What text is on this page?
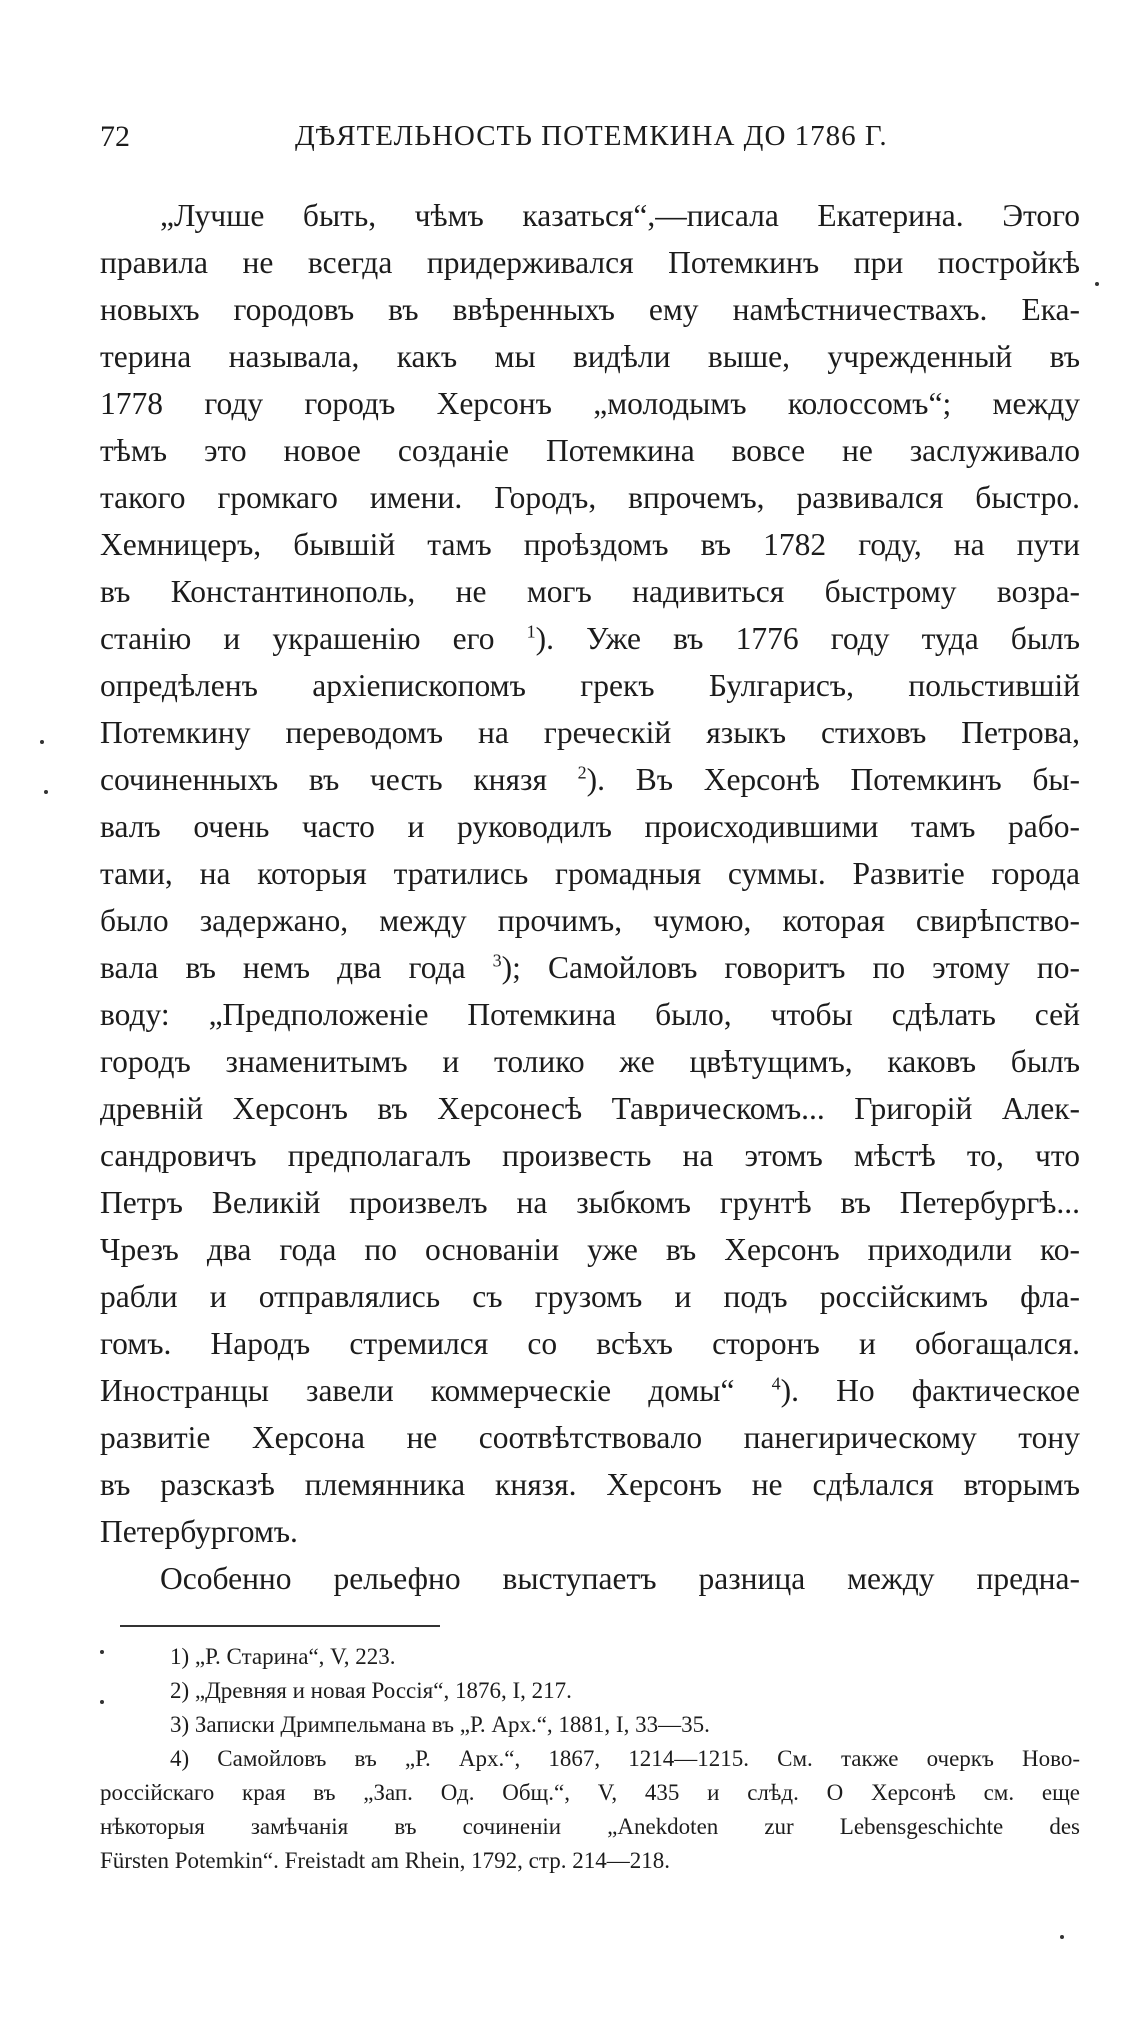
72	ДѢЯТЕЛЬНОСТЬ ПОТЕМКИНА ДО 1786 Г.
„Лучше быть, чѣмъ казаться“,—писала Екатерина. Этого
правила не всегда придерживался Потемкинъ при постройкѣ
новыхъ городовъ въ ввѣренныхъ ему намѣстничествахъ. Ека-
терина называла, какъ мы видѣли выше, учрежденный въ
1778 году городъ Херсонъ „молодымъ колоссомъ“; между
тѣмъ это новое созданіе Потемкина вовсе не заслуживало
такого громкаго имени. Городъ, впрочемъ, развивался быстро.
Хемницеръ, бывшій тамъ проѣздомъ въ 1782 году, на пути
въ Константинополь, не могъ надивиться быстрому возра-
станію и украшенію его $^1$). Уже въ 1776 году туда былъ
опредѣленъ архіепископомъ грекъ Булгарисъ, польстившій
Потемкину переводомъ на греческій языкъ стиховъ Петрова,
сочиненныхъ въ честь князя $^2$). Въ Херсонѣ Потемкинъ бы-
валъ очень часто и руководилъ происходившими тамъ рабо-
тами, на которыя тратились громадныя суммы. Развитіе города
было задержано, между прочимъ, чумою, которая свирѣпство-
вала въ немъ два года $^3$); Самойловъ говоритъ по этому по-
воду: „Предположеніе Потемкина было, чтобы сдѣлать сей
городъ знаменитымъ и толико же цвѣтущимъ, каковъ былъ
древній Херсонъ въ Херсонесѣ Таврическомъ... Григорій Алек-
сандровичъ предполагалъ произвесть на этомъ мѣстѣ то, что
Петръ Великій произвелъ на зыбкомъ грунтѣ въ Петербургѣ...
Чрезъ два года по основаніи уже въ Херсонъ приходили ко-
рабли и отправлялись съ грузомъ и подъ россійскимъ фла-
гомъ. Народъ стремился со всѣхъ сторонъ и обогащался.
Иностранцы завели коммерческіе домы“ $^4$). Но фактическое
развитіе Херсона не соотвѣтствовало панегирическому тону
въ разсказѣ племянника князя. Херсонъ не сдѣлался вторымъ
Петербургомъ.
Особенно рельефно выступаетъ разница между предна-
1) „Р. Старина“, V, 223.
2) „Древняя и новая Россія“, 1876, I, 217.
3) Записки Дримпельмана въ „Р. Арх.“, 1881, I, 33—35.
4) Самойловъ въ „Р. Арх.“, 1867, 1214—1215. См. также очеркъ Ново-
россійскаго края въ „Зап. Од. Общ.“, V, 435 и слѣд. О Херсонѣ см. еще
нѣкоторыя замѣчанія въ сочиненіи „Anekdoten zur Lebensgeschichte des
Fürsten Potemkin“. Freistadt am Rhein, 1792, стр. 214—218.
